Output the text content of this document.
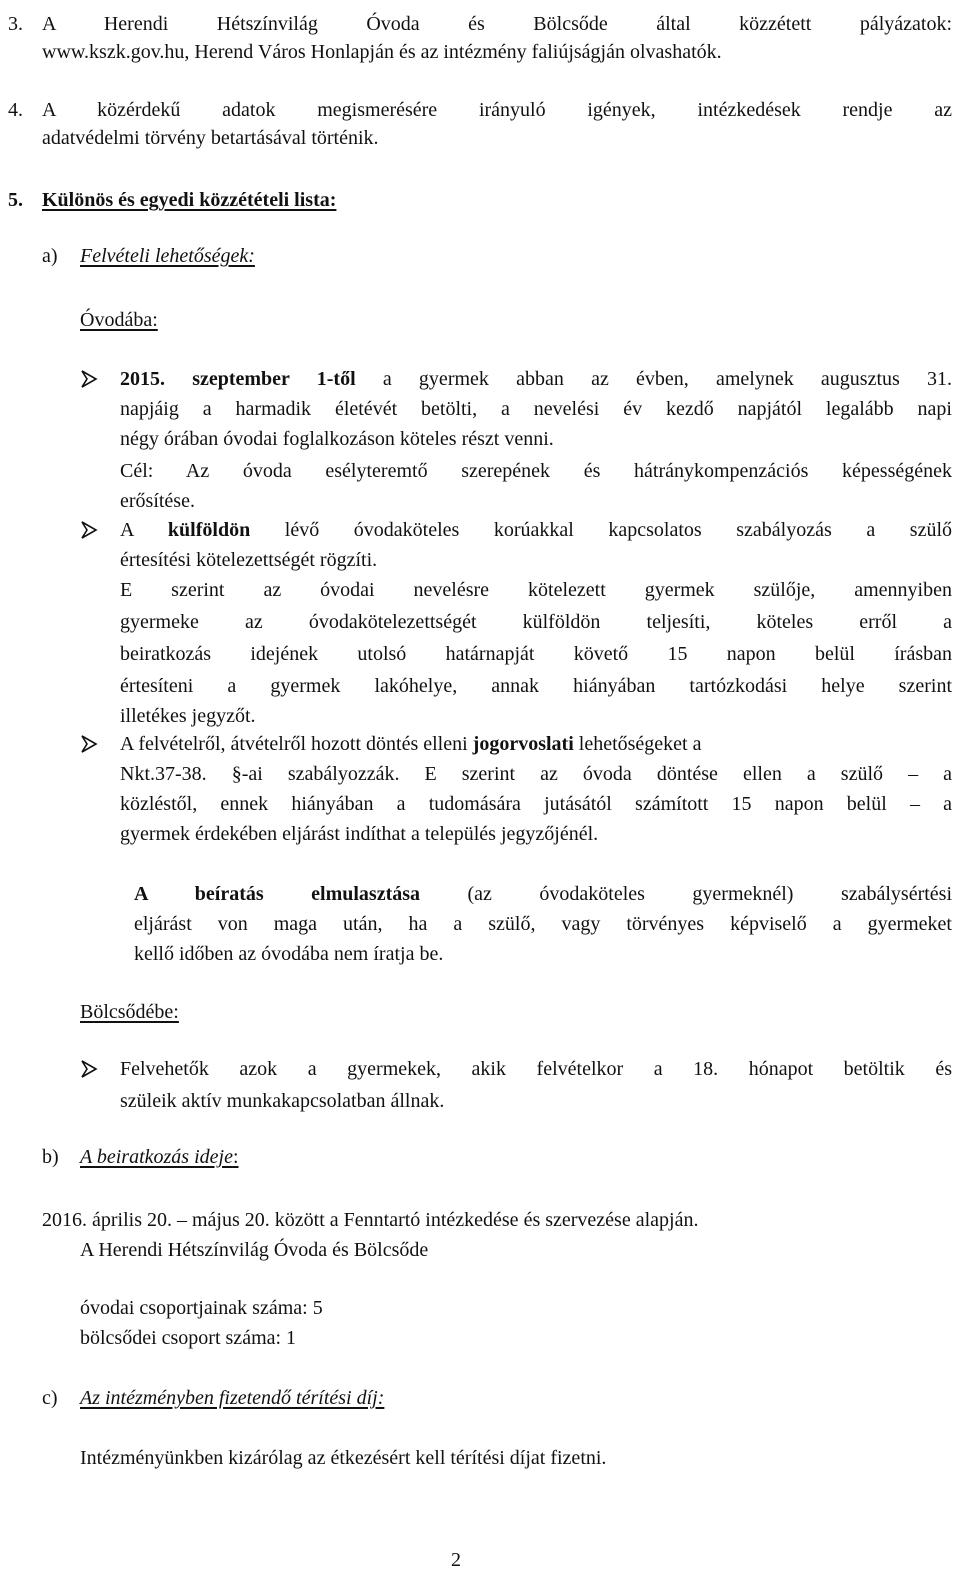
3. A Herendi Hétszínvilág Óvoda és Bölcsőde által közzétett pályázatok:
www.kszk.gov.hu, Herend Város Honlapján és az intézmény faliújságján olvashatók.
4. A közérdekű adatok megismerésére irányuló igények, intézkedések rendje az
adatvédelmi törvény betartásával történik.
5. Különös és egyedi közzétételi lista:
a) Felvételi lehetőségek:
Óvodába:
2015. szeptember 1-től a gyermek abban az évben, amelynek augusztus 31.
napjáig a harmadik életévét betölti, a nevelési év kezdő napjától legalább napi
négy órában óvodai foglalkozáson köteles részt venni.
Cél: Az óvoda esélyteremtő szerepének és hátránykompenzációs képességének
erősítése.
A külföldön lévő óvodaköteles korúakkal kapcsolatos szabályozás a szülő
értesítési kötelezettségét rögzíti.
E szerint az óvodai nevelésre kötelezett gyermek szülője, amennyiben
gyermeke az óvodakötelezettségét külföldön teljesíti, köteles erről a
beiratkozás idejének utolsó határnapját követő 15 napon belül írásban
értesíteni a gyermek lakóhelye, annak hiányában tartózkodási helye szerint
illetékes jegyzőt.
A felvételről, átvételről hozott döntés elleni jogorvoslati lehetőségeket a
Nkt.37-38. §-ai szabályozzák. E szerint az óvoda döntése ellen a szülő – a
közléstől, ennek hiányában a tudomására jutásától számított 15 napon belül – a
gyermek érdekében eljárást indíthat a település jegyzőjénél.
A beíratás elmulasztása (az óvodaköteles gyermeknél) szabálysértési
eljárást von maga után, ha a szülő, vagy törvényes képviselő a gyermeket
kellő időben az óvodába nem íratja be.
Bölcsődébe:
Felvehetők azok a gyermekek, akik felvételkor a 18. hónapot betöltik és
szüleik aktív munkakapcsolatban állnak.
b) A beiratkozás ideje:
2016. április 20. – május 20. között a Fenntartó intézkedése és szervezése alapján.
A Herendi Hétszínvilág Óvoda és Bölcsőde
óvodai csoportjainak száma: 5
bölcsődei csoport száma: 1
c) Az intézményben fizetendő térítési díj:
Intézményünkben kizárólag az étkezésért kell térítési díjat fizetni.
2
